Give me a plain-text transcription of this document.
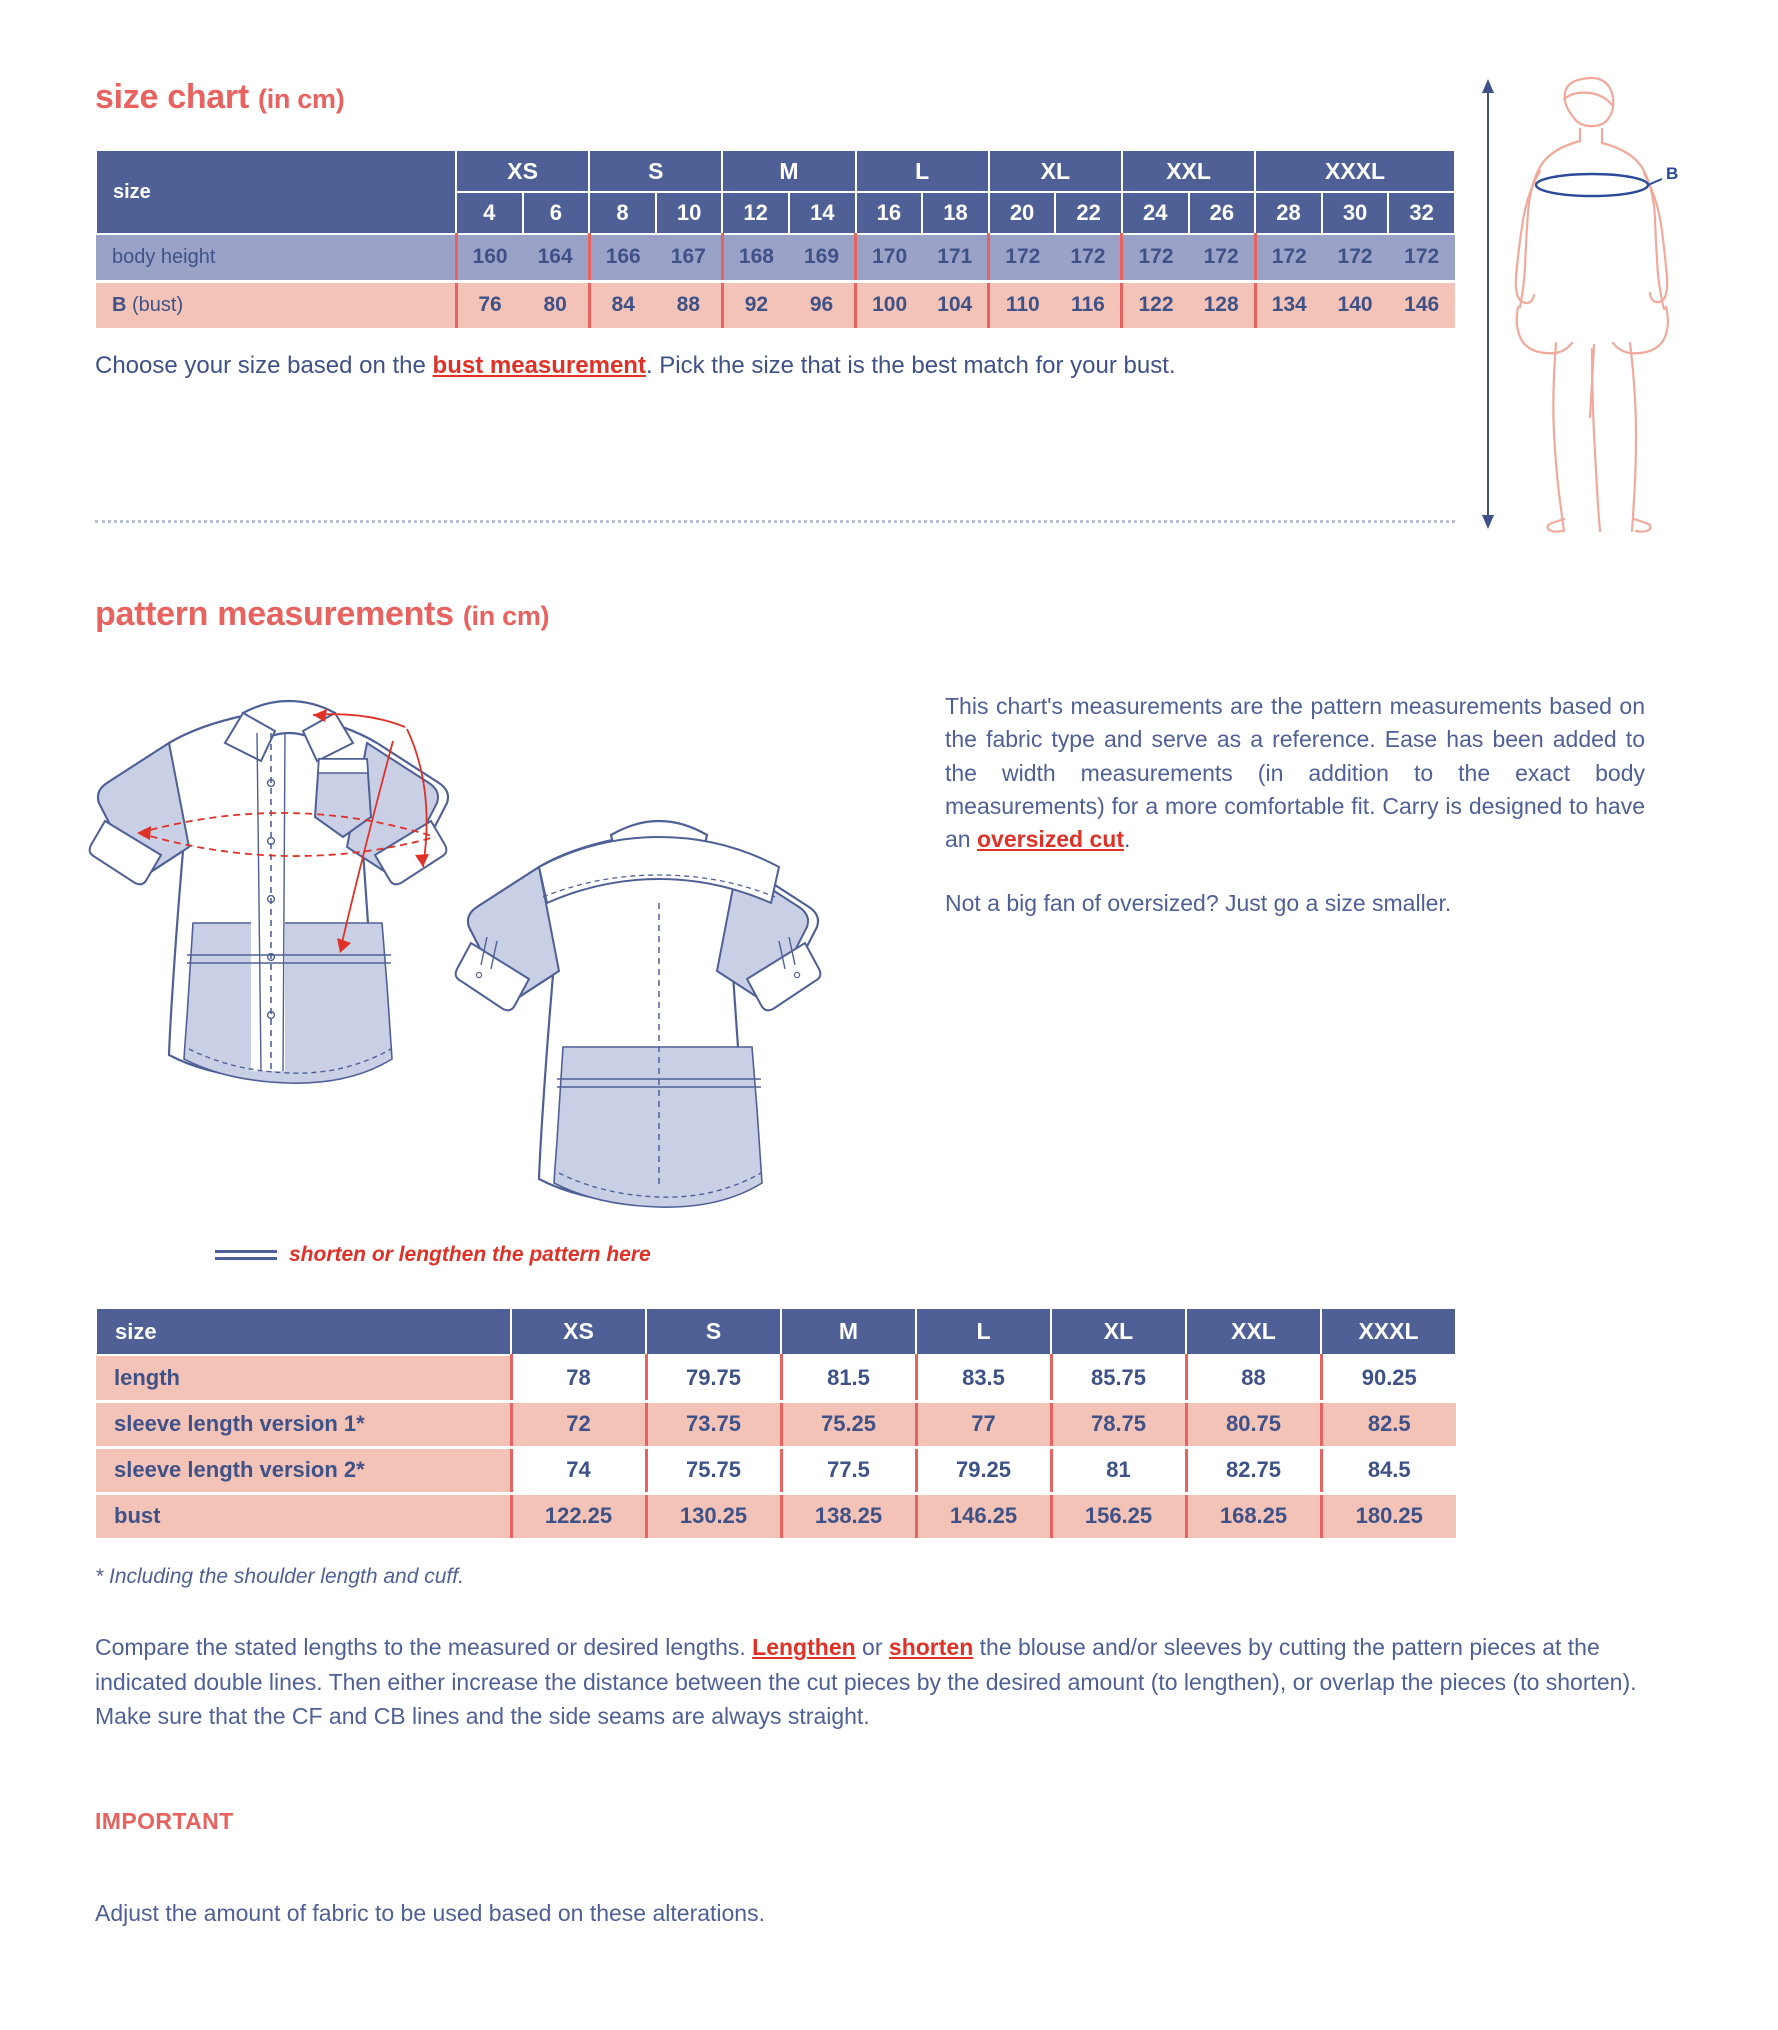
size chart (in cm)
size	XS		S		M		L		XL		XXL		XXXL		
	4	6	8	10	12	14	16	18	20	22	24	26	28	30	32
body height	160	164	166	167	168	169	170	171	172	172	172	172	172	172	172
B (bust)	76	80	84	88	92	96	100	104	110	116	122	128	134	140	146
Choose your size based on the bust measurement. Pick the size that is the best match for your bust.
B
pattern measurements (in cm)

This chart's measurements are the pattern measurements based on the fabric type and serve as a reference. Ease has been added to the width measurements (in addition to the exact body measurements) for a more comfortable fit. Carry is designed to have an oversized cut.

Not a big fan of oversized? Just go a size smaller.

shorten or lengthen the pattern here
size	XS	S	M	L	XL	XXL	XXXL
length	78	79.75	81.5	83.5	85.75	88	90.25
sleeve length version 1*	72	73.75	75.25	77	78.75	80.75	82.5
sleeve length version 2*	74	75.75	77.5	79.25	81	82.75	84.5
bust	122.25	130.25	138.25	146.25	156.25	168.25	180.25
* Including the shoulder length and cuff.
Compare the stated lengths to the measured or desired lengths. Lengthen or shorten the blouse and/or sleeves by cutting the pattern pieces at the indicated double lines. Then either increase the distance between the cut pieces by the desired amount (to lengthen), or overlap the pieces (to shorten). Make sure that the CF and CB lines and the side seams are always straight.
IMPORTANT
Adjust the amount of fabric to be used based on these alterations.
